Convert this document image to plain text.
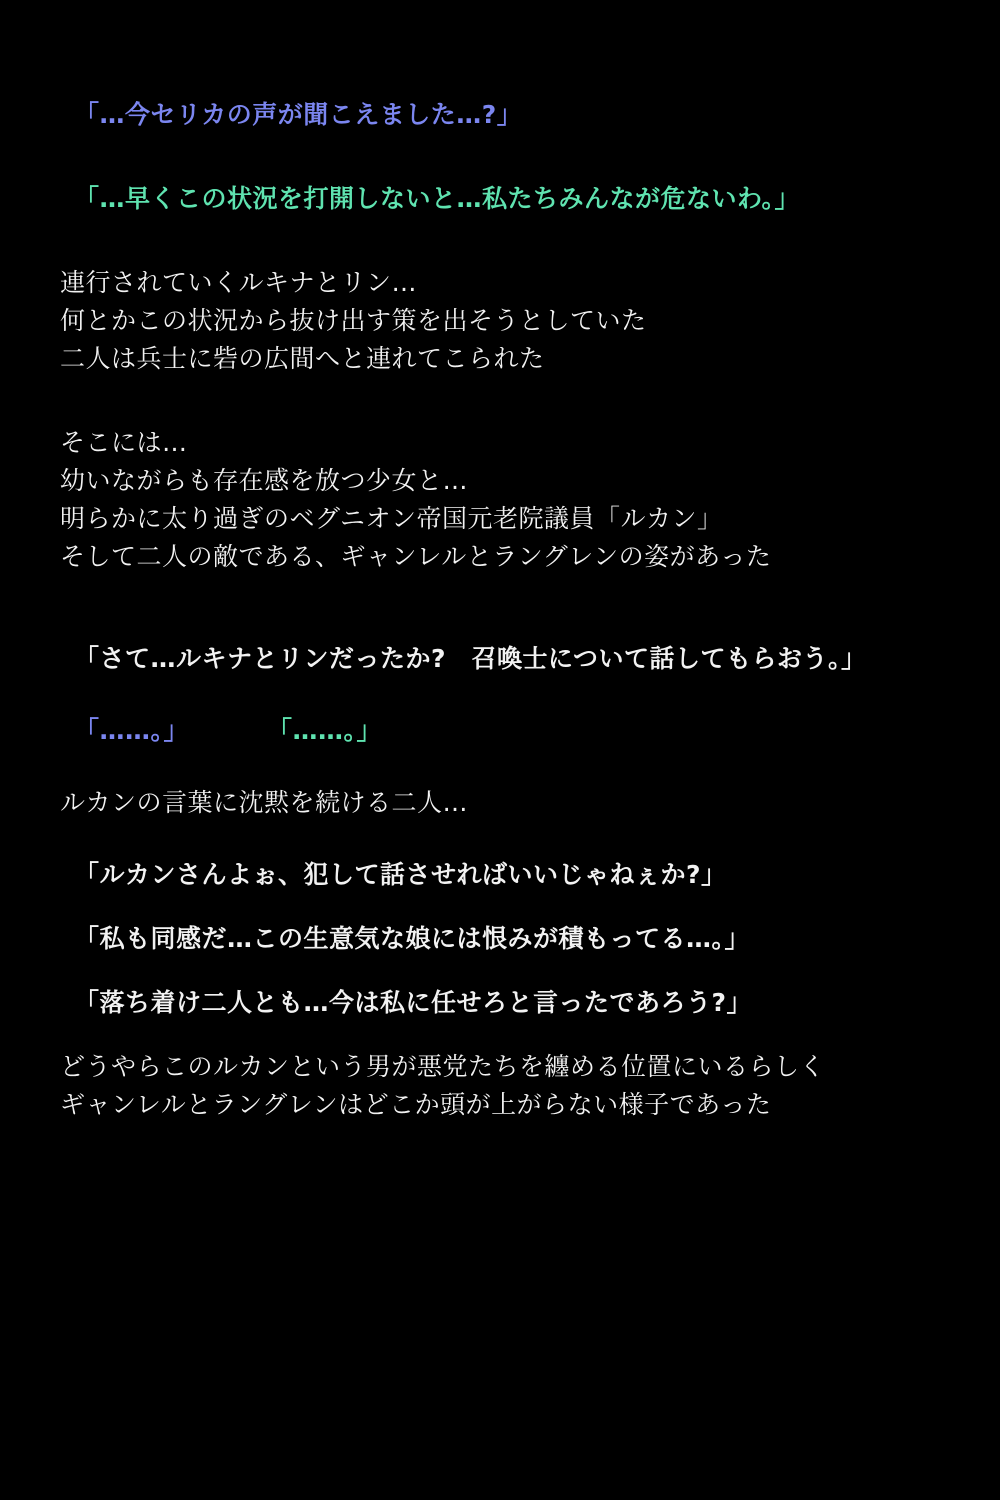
「…今セリカの声が聞こえました…?」

「…早くこの状況を打開しないと…私たちみんなが危ないわ。」

連行されていくルキナとリン…

何とかこの状況から抜け出す策を出そうとしていた

二人は兵士に砦の広間へと連れてこられた

そこには…

幼いながらも存在感を放つ少女と…

明らかに太り過ぎのベグニオン帝国元老院議員「ルカン」

そして二人の敵である、ギャンレルとラングレンの姿があった

「さて…ルキナとリンだったか?　召喚士について話してもらおう。」

「……。」	「……。」

ルカンの言葉に沈黙を続ける二人…

「ルカンさんよぉ、犯して話させればいいじゃねぇか?」

「私も同感だ…この生意気な娘には恨みが積もってる…。」

「落ち着け二人とも…今は私に任せろと言ったであろう?」

どうやらこのルカンという男が悪党たちを纏める位置にいるらしく

ギャンレルとラングレンはどこか頭が上がらない様子であった
